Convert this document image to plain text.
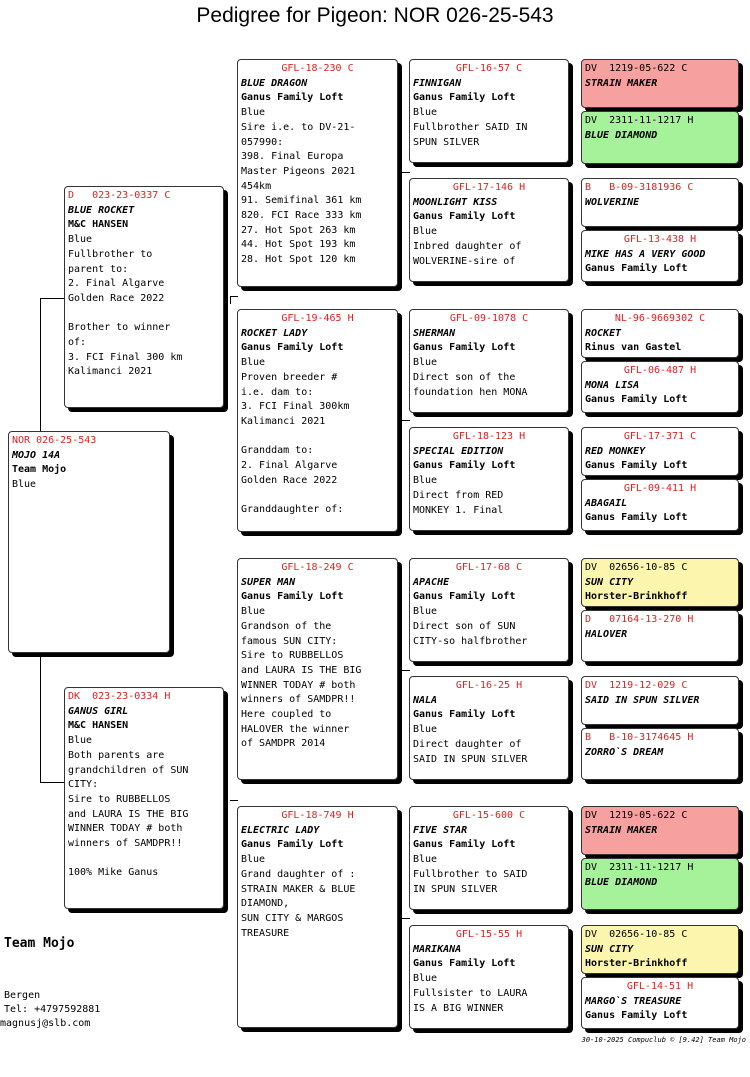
Pedigree for Pigeon: NOR 026-25-543
NOR 026-25-543
MOJO 14A
Team Mojo
Blue
D   023-23-0337 C
BLUE ROCKET
M&C HANSEN
Blue
Fullbrother to
parent to:
2. Final Algarve
Golden Race 2022

Brother to winner
of:
3. FCI Final 300 km
Kalimanci 2021
DK  023-23-0334 H
GANUS GIRL
M&C HANSEN
Blue
Both parents are
grandchildren of SUN
CITY:
Sire to RUBBELLOS
and LAURA IS THE BIG
WINNER TODAY # both
winners of SAMDPR!!

100% Mike Ganus
GFL-18-230 C
BLUE DRAGON
Ganus Family Loft
Blue
Sire i.e. to DV-21-
057990:
398. Final Europa
Master Pigeons 2021
454km
91. Semifinal 361 km
820. FCI Race 333 km
27. Hot Spot 263 km
44. Hot Spot 193 km
28. Hot Spot 120 km
GFL-19-465 H
ROCKET LADY
Ganus Family Loft
Blue
Proven breeder #
i.e. dam to:
3. FCI Final 300km
Kalimanci 2021

Granddam to:
2. Final Algarve
Golden Race 2022

Granddaughter of:
GFL-18-249 C
SUPER MAN
Ganus Family Loft
Blue
Grandson of the
famous SUN CITY:
Sire to RUBBELLOS
and LAURA IS THE BIG
WINNER TODAY # both
winners of SAMDPR!!
Here coupled to
HALOVER the winner
of SAMDPR 2014
GFL-18-749 H
ELECTRIC LADY
Ganus Family Loft
Blue
Grand daughter of :
STRAIN MAKER & BLUE
DIAMOND,
SUN CITY & MARGOS
TREASURE
GFL-16-57 C
FINNIGAN
Ganus Family Loft
Blue
Fullbrother SAID IN
SPUN SILVER
GFL-17-146 H
MOONLIGHT KISS
Ganus Family Loft
Blue
Inbred daughter of
WOLVERINE-sire of
GFL-09-1078 C
SHERMAN
Ganus Family Loft
Blue
Direct son of the
foundation hen MONA
GFL-18-123 H
SPECIAL EDITION
Ganus Family Loft
Blue
Direct from RED
MONKEY 1. Final
GFL-17-68 C
APACHE
Ganus Family Loft
Blue
Direct son of SUN
CITY-so halfbrother
GFL-16-25 H
NALA
Ganus Family Loft
Blue
Direct daughter of
SAID IN SPUN SILVER
GFL-15-600 C
FIVE STAR
Ganus Family Loft
Blue
Fullbrother to SAID
IN SPUN SILVER
GFL-15-55 H
MARIKANA
Ganus Family Loft
Blue
Fullsister to LAURA
IS A BIG WINNER
DV  1219-05-622 C
STRAIN MAKER
DV  2311-11-1217 H
BLUE DIAMOND
B   B-09-3181936 C
WOLVERINE
GFL-13-438 H
MIKE HAS A VERY GOOD
Ganus Family Loft
NL-96-9669302 C
ROCKET
Rinus van Gastel
GFL-06-487 H
MONA LISA
Ganus Family Loft
GFL-17-371 C
RED MONKEY
Ganus Family Loft
GFL-09-411 H
ABAGAIL
Ganus Family Loft
DV  02656-10-85 C
SUN CITY
Horster-Brinkhoff
D   07164-13-270 H
HALOVER
DV  1219-12-029 C
SAID IN SPUN SILVER
B   B-10-3174645 H
ZORRO`S DREAM
DV  1219-05-622 C
STRAIN MAKER
DV  2311-11-1217 H
BLUE DIAMOND
DV  02656-10-85 C
SUN CITY
Horster-Brinkhoff
GFL-14-51 H
MARGO`S TREASURE
Ganus Family Loft
Team Mojo
Bergen
Tel: +4797592881
magnusj@slb.com
30-10-2025 Compuclub © [9.42] Team Mojo
